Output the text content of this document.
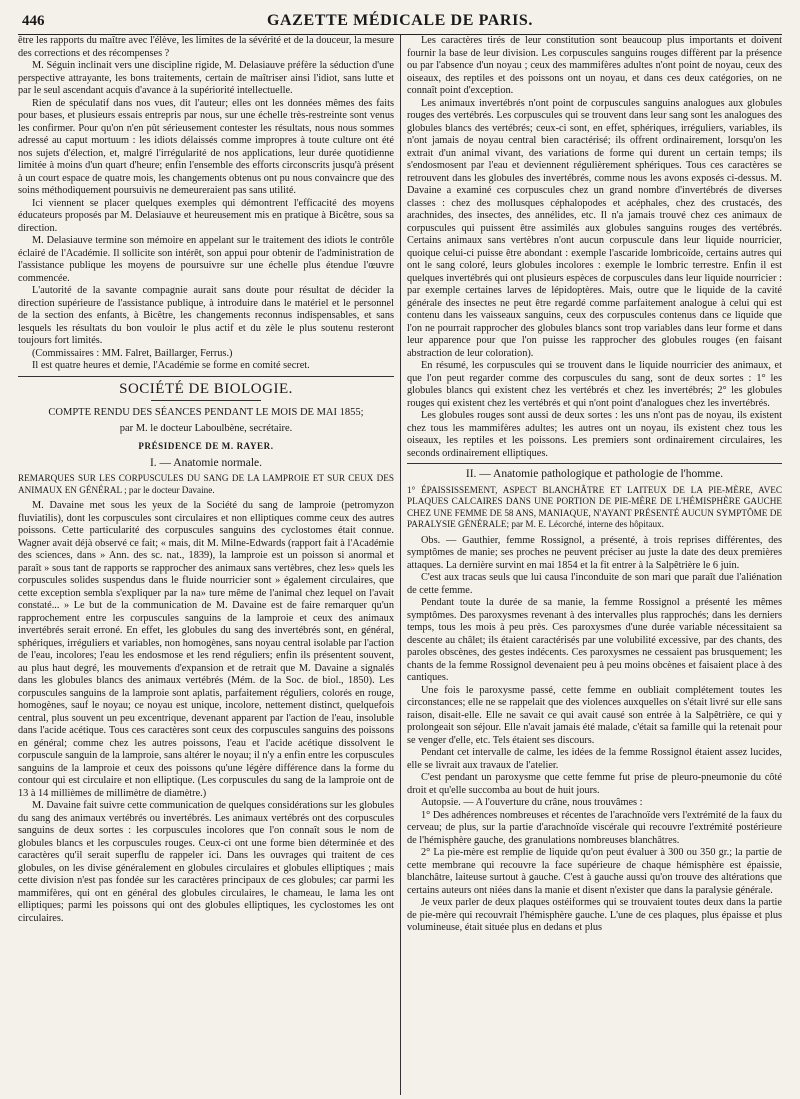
446	GAZETTE MÉDICALE DE PARIS.

être les rapports du maître avec l'élève, les limites de la sévérité et de la douceur, la mesure des corrections et des récompenses ?

M. Séguin inclinait vers une discipline rigide, M. Delasiauve préfère la séduction d'une perspective attrayante, les bons traitements, certain de maîtriser ainsi l'idiot, sans lutte et par le seul ascendant acquis d'avance à la supériorité intellectuelle.

Rien de spéculatif dans nos vues, dit l'auteur; elles ont les données mêmes des faits pour bases, et plusieurs essais entrepris par nous, sur une échelle très-restreinte sont venus les confirmer. Pour qu'on n'en pût sérieusement contester les résultats, nous nous sommes adressé au caput mortuum : les idiots délaissés comme impropres à toute culture ont été nos sujets d'élection, et, malgré l'irrégularité de nos applications, leur durée quotidienne limitée à moins d'un quart d'heure; enfin l'ensemble des efforts circonscrits jusqu'à présent à un court espace de quatre mois, les changements obtenus ont pu nous convaincre que des soins méthodiquement poursuivis ne demeureraient pas sans utilité.

Ici viennent se placer quelques exemples qui démontrent l'efficacité des moyens éducateurs proposés par M. Delasiauve et heureusement mis en pratique à Bicêtre, sous sa direction.

M. Delasiauve termine son mémoire en appelant sur le traitement des idiots le contrôle éclairé de l'Académie. Il sollicite son intérêt, son appui pour obtenir de l'administration de l'assistance publique les moyens de poursuivre sur une échelle plus étendue l'œuvre commencée.

L'autorité de la savante compagnie aurait sans doute pour résultat de décider la direction supérieure de l'assistance publique, à introduire dans le matériel et le personnel de la section des enfants, à Bicêtre, les changements reconnus indispensables, et sans lesquels les résultats du bon vouloir le plus actif et du zèle le plus soutenu resteront toujours fort limités.

(Commissaires : MM. Falret, Baillarger, Ferrus.)

Il est quatre heures et demie, l'Académie se forme en comité secret.

SOCIÉTÉ DE BIOLOGIE.
COMPTE RENDU DES SÉANCES PENDANT LE MOIS DE MAI 1855;
par M. le docteur Laboulbène, secrétaire.
PRÉSIDENCE DE M. RAYER.
I. — Anatomie normale.
REMARQUES SUR LES CORPUSCULES DU SANG DE LA LAMPROIE ET SUR CEUX DES ANIMAUX EN GÉNÉRAL ; par le docteur Davaine.

M. Davaine met sous les yeux de la Société du sang de lamproie (petromyzon fluviatilis), dont les corpuscules sont circulaires et non elliptiques comme ceux des autres poissons. Cette particularité des corpuscules sanguins des cyclostomes était connue. Wagner avait déjà observé ce fait; « mais, dit M. Milne-Edwards (rapport fait à l'Académie des sciences, dans » Ann. des sc. nat., 1839), la lamproie est un poisson si anormal et paraît » sous tant de rapports se rapprocher des animaux sans vertèbres, chez les» quels les corpuscules solides suspendus dans le fluide nourricier sont » également circulaires, que cette exception sembla s'expliquer par la na» ture même de l'animal chez lequel on l'avait constaté... » Le but de la communication de M. Davaine est de faire remarquer qu'un rapprochement entre les corpuscules sanguins de la lamproie et ceux des animaux invertébrés serait erroné. En effet, les globules du sang des invertébrés sont, en général, sphériques, irréguliers et variables, non homogènes, sans noyau central isolable par l'action de l'eau, incolores; l'eau les endosmose et les rend réguliers; enfin ils présentent souvent, au plus haut degré, les mouvements d'expansion et de retrait que M. Davaine a signalés dans les globules blancs des animaux vertébrés (Mém. de la Soc. de biol., 1850). Les corpuscules sanguins de la lamproie sont aplatis, parfaitement réguliers, colorés en rouge, homogènes, sauf le noyau; ce noyau est unique, incolore, nettement distinct, quelquefois central, plus souvent un peu excentrique, devenant apparent par l'action de l'eau, insoluble dans l'acide acétique. Tous ces caractères sont ceux des corpuscules sanguins des poissons en général; comme chez les autres poissons, l'eau et l'acide acétique dissolvent le corpuscule sanguin de la lamproie, sans altérer le noyau; il n'y a enfin entre les corpuscules sanguins de la lamproie et ceux des poissons qu'une légère différence dans la forme du contour qui est circulaire et non elliptique. (Les corpuscules du sang de la lamproie ont de 13 à 14 millièmes de millimètre de diamètre.)

M. Davaine fait suivre cette communication de quelques considérations sur les globules du sang des animaux vertébrés ou invertébrés. Les animaux vertébrés ont des corpuscules sanguins de deux sortes : les corpuscules incolores que l'on connaît sous le nom de globules blancs et les corpuscules rouges. Ceux-ci ont une forme bien déterminée et des caractères qu'il serait superflu de rappeler ici. Dans les ouvrages qui traitent de ces globules, on les divise généralement en globules circulaires et globules elliptiques ; mais cette division n'est pas fondée sur les caractères principaux de ces globules; car parmi les mammifères, qui ont en général des globules circulaires, le chameau, le lama les ont elliptiques; parmi les poissons qui ont des globules elliptiques, les cyclostomes les ont circulaires.

Les caractères tirés de leur constitution sont beaucoup plus importants et doivent fournir la base de leur division. Les corpuscules sanguins rouges diffèrent par la présence ou par l'absence d'un noyau ; ceux des mammifères adultes n'ont point de noyau, ceux des oiseaux, des reptiles et des poissons ont un noyau, et dans ces deux catégories, on ne connaît point d'exception.

Les animaux invertébrés n'ont point de corpuscules sanguins analogues aux globules rouges des vertébrés. Les corpuscules qui se trouvent dans leur sang sont les analogues des globules blancs des vertébrés; ceux-ci sont, en effet, sphériques, irréguliers, variables, ils n'ont jamais de noyau central bien caractérisé; ils offrent ordinairement, lorsqu'on les extrait d'un animal vivant, des variations de forme qui durent un certain temps; ils s'endosmosent par l'eau et deviennent régulièrement sphériques. Tous ces caractères se retrouvent dans les globules des invertébrés, comme nous les avons exposés ci-dessus. M. Davaine a examiné ces corpuscules chez un grand nombre d'invertébrés de diverses classes : chez des mollusques céphalopodes et acéphales, chez des crustacés, des arachnides, des insectes, des annélides, etc. Il n'a jamais trouvé chez ces animaux de corpuscules qui puissent être assimilés aux globules sanguins rouges des vertébrés. Certains animaux sans vertèbres n'ont aucun corpuscule dans leur liquide nourricier, quoique celui-ci puisse être abondant : exemple l'ascaride lombricoïde, certains autres qui ont le sang coloré, leurs globules incolores : exemple le lombric terrestre. Enfin il est quelques invertébrés qui ont plusieurs espèces de corpuscules dans leur liquide nourricier : par exemple certaines larves de lépidoptères. Mais, outre que le liquide de la cavité générale des insectes ne peut être regardé comme parfaitement analogue à celui qui est contenu dans les vaisseaux sanguins, ceux des corpuscules contenus dans ce liquide que l'on ne pourrait rapprocher des globules blancs sont trop variables dans leur forme et dans leur apparence pour que l'on puisse les rapprocher des globules rouges (en faisant abstraction de leur coloration).

En résumé, les corpuscules qui se trouvent dans le liquide nourricier des animaux, et que l'on peut regarder comme des corpuscules du sang, sont de deux sortes : 1° les globules blancs qui existent chez les vertébrés et chez les invertébrés; 2° les globules rouges qui existent chez les vertébrés et qui n'ont point d'analogues chez les invertébrés.

Les globules rouges sont aussi de deux sortes : les uns n'ont pas de noyau, ils existent chez tous les mammifères adultes; les autres ont un noyau, ils existent chez tous les oiseaux, les reptiles et les poissons. Les premiers sont ordinairement circulaires, les seconds ordinairement elliptiques.

II. — Anatomie pathologique et pathologie de l'homme.
1° ÉPAISSISSEMENT, ASPECT BLANCHÂTRE ET LAITEUX DE LA PIE-MÈRE, AVEC PLAQUES CALCAIRES DANS UNE PORTION DE PIE-MÈRE DE L'HÉMISPHÈRE GAUCHE CHEZ UNE FEMME DE 58 ANS, MANIAQUE, N'AYANT PRÉSENTÉ AUCUN SYMPTÔME DE PARALYSIE GÉNÉRALE; par M. E. Lécorché, interne des hôpitaux.

Obs. — Gauthier, femme Rossignol, a présenté, à trois reprises différentes, des symptômes de manie; ses proches ne peuvent préciser au juste la date des deux premières attaques. La dernière survint en mai 1854 et la fit entrer à la Salpêtrière le 6 juin.

C'est aux tracas seuls que lui causa l'inconduite de son mari que paraît due l'aliénation de cette femme.

Pendant toute la durée de sa manie, la femme Rossignol a présenté les mêmes symptômes. Des paroxysmes revenant à des intervalles plus rapprochés; dans les derniers temps, tous les mois à peu près. Ces paroxysmes d'une durée variable nécessitaient sa descente au châlet; ils étaient caractérisés par une volubilité excessive, par des chants, des paroles obscènes, des gestes indécents. Ces paroxysmes ne cessaient pas brusquement; les chants de la femme Rossignol devenaient peu à peu moins obcènes et faisaient place à des cantiques.

Une fois le paroxysme passé, cette femme en oubliait complétement toutes les circonstances; elle ne se rappelait que des violences auxquelles on s'était livré sur elle sans raison, disait-elle. Elle ne savait ce qui avait causé son entrée à la Salpêtrière, ce qui y prolongeait son séjour. Elle n'avait jamais été malade, c'était sa famille qui la retenait pour se venger d'elle, etc. Tels étaient ses discours.

Pendant cet intervalle de calme, les idées de la femme Rossignol étaient assez lucides, elle se livrait aux travaux de l'atelier.

C'est pendant un paroxysme que cette femme fut prise de pleuro-pneumonie du côté droit et qu'elle succomba au bout de huit jours.

Autopsie. — A l'ouverture du crâne, nous trouvâmes :

1° Des adhérences nombreuses et récentes de l'arachnoïde vers l'extrémité de la faux du cerveau; de plus, sur la partie d'arachnoïde viscérale qui recouvre l'extrémité postérieure de l'hémisphère gauche, des granulations nombreuses blanchâtres.

2° La pie-mère est remplie de liquide qu'on peut évaluer à 300 ou 350 gr.; la partie de cette membrane qui recouvre la face supérieure de chaque hémisphère est épaissie, blanchâtre, laiteuse surtout à gauche. C'est à gauche aussi qu'on trouve des altérations que certains auteurs ont niées dans la manie et disent n'exister que dans la paralysie générale.

Je veux parler de deux plaques ostéiformes qui se trouvaient toutes deux dans la partie de pie-mère qui recouvrait l'hémisphère gauche. L'une de ces plaques, plus épaisse et plus volumineuse, était située plus en dedans et plus
